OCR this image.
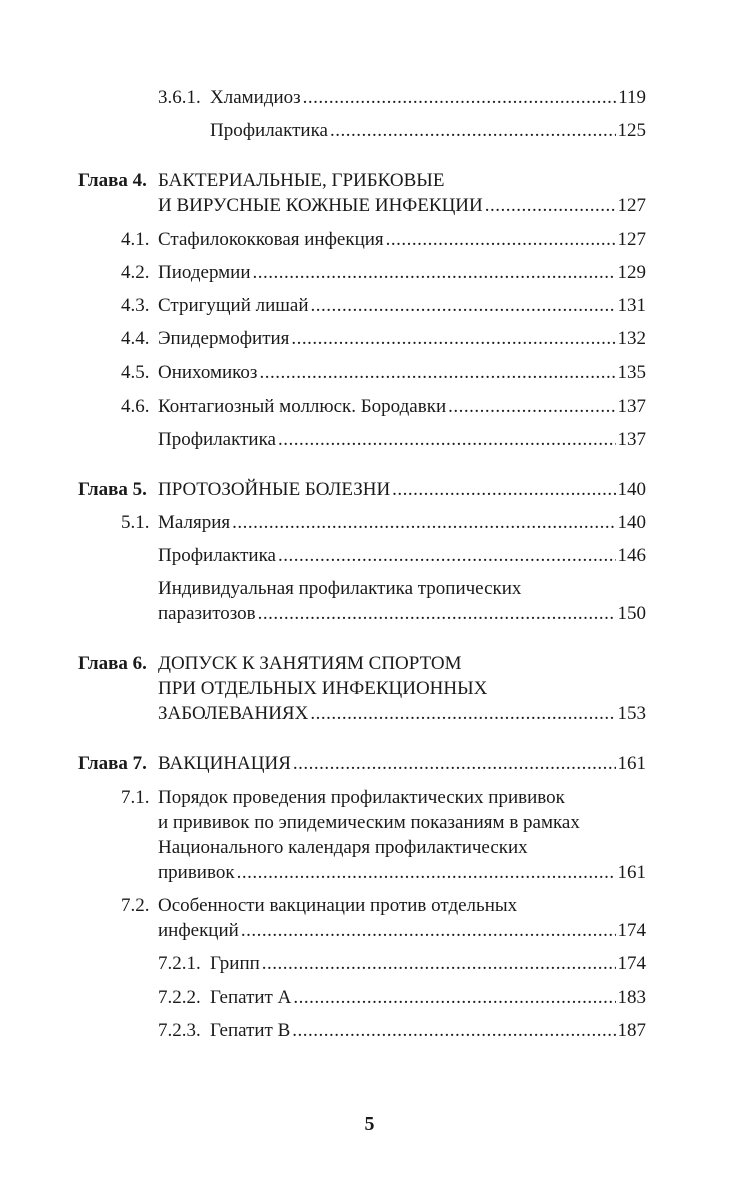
3.6.1. Хламидиоз .....	119
Профилактика .....	125
Глава 4. БАКТЕРИАЛЬНЫЕ, ГРИБКОВЫЕ
И ВИРУСНЫЕ КОЖНЫЕ ИНФЕКЦИИ .....	127
4.1. Стафилококковая инфекция .....	127
4.2. Пиодермии .....	129
4.3. Стригущий лишай .....	131
4.4. Эпидермофития .....	132
4.5. Онихомикоз .....	135
4.6. Контагиозный моллюск. Бородавки .....	137
Профилактика .....	137
Глава 5. ПРОТОЗОЙНЫЕ БОЛЕЗНИ .....	140
5.1. Малярия .....	140
Профилактика .....	146
Индивидуальная профилактика тропических
паразитозов .....	150
Глава 6. ДОПУСК К ЗАНЯТИЯМ СПОРТОМ
ПРИ ОТДЕЛЬНЫХ ИНФЕКЦИОННЫХ
ЗАБОЛЕВАНИЯХ .....	153
Глава 7. ВАКЦИНАЦИЯ .....	161
7.1. Порядок проведения профилактических прививок
и прививок по эпидемическим показаниям в рамках
Национального календаря профилактических
прививок .....	161
7.2. Особенности вакцинации против отдельных
инфекций .....	174
7.2.1. Грипп .....	174
7.2.2. Гепатит А .....	183
7.2.3. Гепатит В .....	187
5
